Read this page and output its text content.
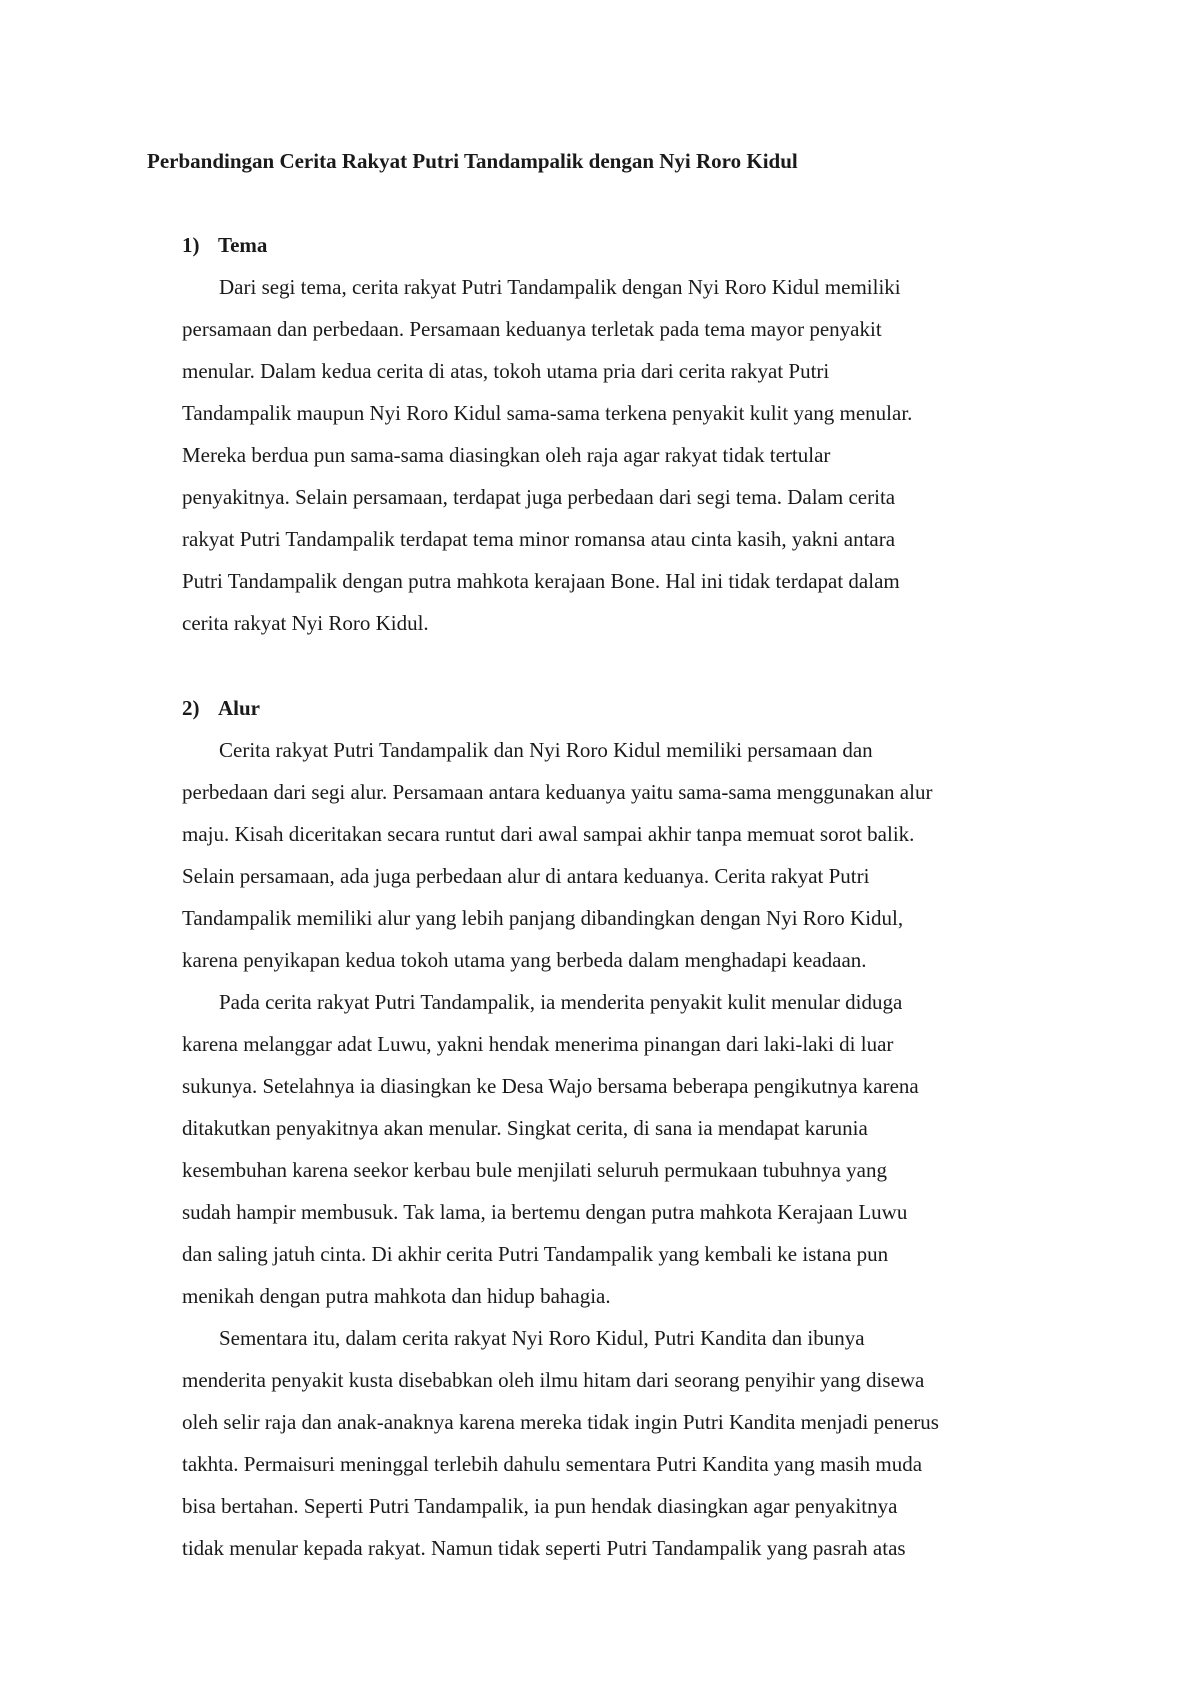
Perbandingan Cerita Rakyat Putri Tandampalik dengan Nyi Roro Kidul
1) Tema

Dari segi tema, cerita rakyat Putri Tandampalik dengan Nyi Roro Kidul memiliki

persamaan dan perbedaan. Persamaan keduanya terletak pada tema mayor penyakit

menular. Dalam kedua cerita di atas, tokoh utama pria dari cerita rakyat Putri

Tandampalik maupun Nyi Roro Kidul sama-sama terkena penyakit kulit yang menular.

Mereka berdua pun sama-sama diasingkan oleh raja agar rakyat tidak tertular

penyakitnya. Selain persamaan, terdapat juga perbedaan dari segi tema. Dalam cerita

rakyat Putri Tandampalik terdapat tema minor romansa atau cinta kasih, yakni antara

Putri Tandampalik dengan putra mahkota kerajaan Bone. Hal ini tidak terdapat dalam

cerita rakyat Nyi Roro Kidul.

2) Alur

Cerita rakyat Putri Tandampalik dan Nyi Roro Kidul memiliki persamaan dan

perbedaan dari segi alur. Persamaan antara keduanya yaitu sama-sama menggunakan alur

maju. Kisah diceritakan secara runtut dari awal sampai akhir tanpa memuat sorot balik.

Selain persamaan, ada juga perbedaan alur di antara keduanya. Cerita rakyat Putri

Tandampalik memiliki alur yang lebih panjang dibandingkan dengan Nyi Roro Kidul,

karena penyikapan kedua tokoh utama yang berbeda dalam menghadapi keadaan.

Pada cerita rakyat Putri Tandampalik, ia menderita penyakit kulit menular diduga

karena melanggar adat Luwu, yakni hendak menerima pinangan dari laki-laki di luar

sukunya. Setelahnya ia diasingkan ke Desa Wajo bersama beberapa pengikutnya karena

ditakutkan penyakitnya akan menular. Singkat cerita, di sana ia mendapat karunia

kesembuhan karena seekor kerbau bule menjilati seluruh permukaan tubuhnya yang

sudah hampir membusuk. Tak lama, ia bertemu dengan putra mahkota Kerajaan Luwu

dan saling jatuh cinta. Di akhir cerita Putri Tandampalik yang kembali ke istana pun

menikah dengan putra mahkota dan hidup bahagia.

Sementara itu, dalam cerita rakyat Nyi Roro Kidul, Putri Kandita dan ibunya

menderita penyakit kusta disebabkan oleh ilmu hitam dari seorang penyihir yang disewa

oleh selir raja dan anak-anaknya karena mereka tidak ingin Putri Kandita menjadi penerus

takhta. Permaisuri meninggal terlebih dahulu sementara Putri Kandita yang masih muda

bisa bertahan. Seperti Putri Tandampalik, ia pun hendak diasingkan agar penyakitnya

tidak menular kepada rakyat. Namun tidak seperti Putri Tandampalik yang pasrah atas
